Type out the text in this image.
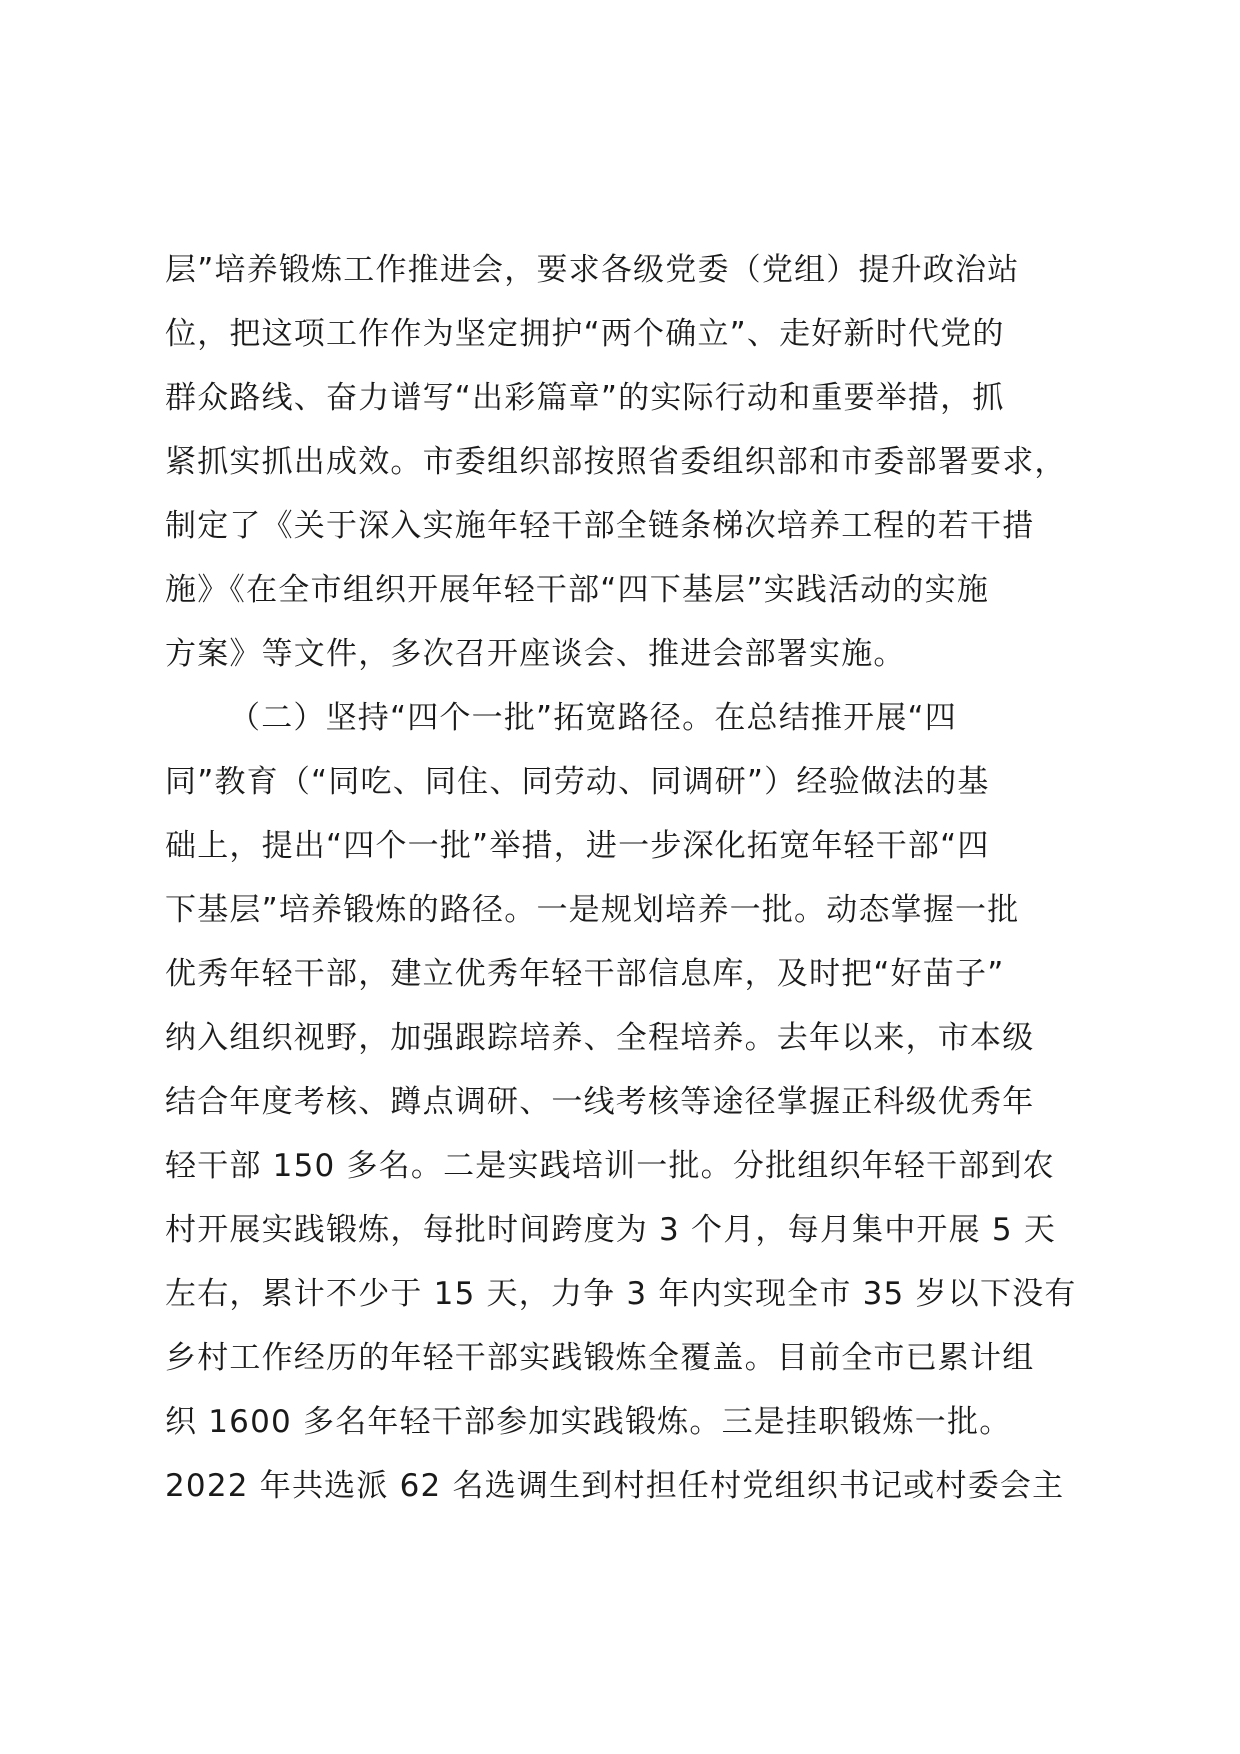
层”培养锻炼工作推进会，要求各级党委（党组）提升政治站
位，把这项工作作为坚定拥护“两个确立”、走好新时代党的
群众路线、奋力谱写“出彩篇章”的实际行动和重要举措，抓
紧抓实抓出成效。市委组织部按照省委组织部和市委部署要求，
制定了《关于深入实施年轻干部全链条梯次培养工程的若干措
施》《在全市组织开展年轻干部“四下基层”实践活动的实施
方案》等文件，多次召开座谈会、推进会部署实施。
（二）坚持“四个一批”拓宽路径。在总结推开展“四
同”教育（“同吃、同住、同劳动、同调研”）经验做法的基
础上，提出“四个一批”举措，进一步深化拓宽年轻干部“四
下基层”培养锻炼的路径。一是规划培养一批。动态掌握一批
优秀年轻干部，建立优秀年轻干部信息库，及时把“好苗子”
纳入组织视野，加强跟踪培养、全程培养。去年以来，市本级
结合年度考核、蹲点调研、一线考核等途径掌握正科级优秀年
轻干部 150 多名。二是实践培训一批。分批组织年轻干部到农
村开展实践锻炼，每批时间跨度为 3 个月，每月集中开展 5 天
左右，累计不少于 15 天，力争 3 年内实现全市 35 岁以下没有
乡村工作经历的年轻干部实践锻炼全覆盖。目前全市已累计组
织 1600 多名年轻干部参加实践锻炼。三是挂职锻炼一批。
2022 年共选派 62 名选调生到村担任村党组织书记或村委会主
